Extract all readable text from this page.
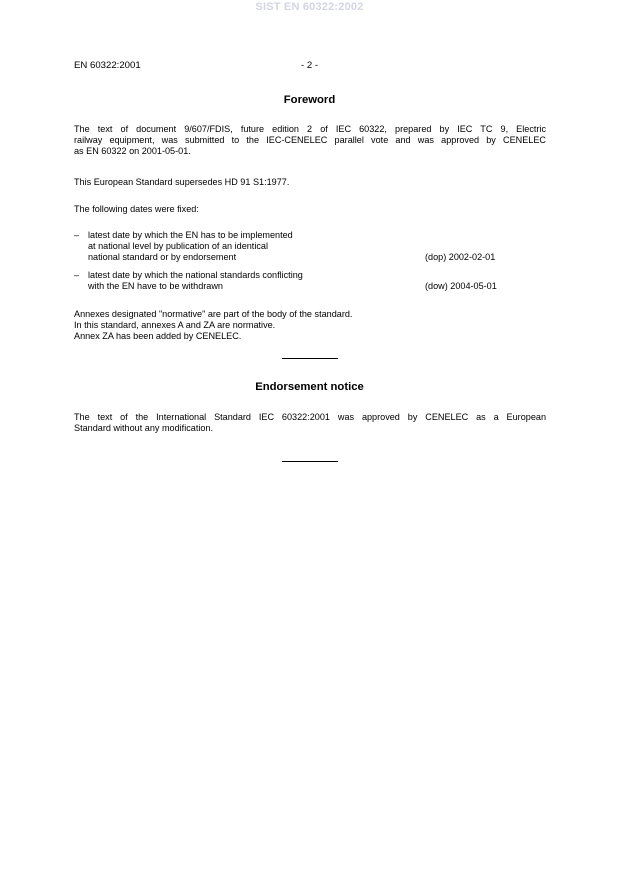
SIST EN 60322:2002
EN 60322:2001	- 2 -
Foreword
The text of document 9/607/FDIS, future edition 2 of IEC 60322, prepared by IEC TC 9, Electric
railway equipment, was submitted to the IEC-CENELEC parallel vote and was approved by CENELEC
as EN 60322 on 2001-05-01.
This European Standard supersedes HD 91 S1:1977.
The following dates were fixed:
– latest date by which the EN has to be implemented
at national level by publication of an identical
national standard or by endorsement	(dop) 2002-02-01
– latest date by which the national standards conflicting
with the EN have to be withdrawn	(dow) 2004-05-01
Annexes designated "normative" are part of the body of the standard.
In this standard, annexes A and ZA are normative.
Annex ZA has been added by CENELEC.
Endorsement notice
The text of the International Standard IEC 60322:2001 was approved by CENELEC as a European
Standard without any modification.
